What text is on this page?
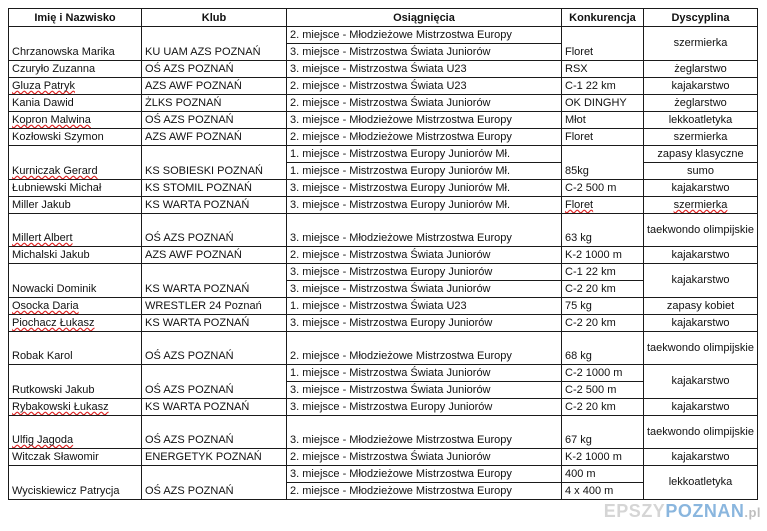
Imię i Nazwisko	Klub	Osiągnięcia	Konkurencja	Dyscyplina
Chrzanowska Marika	KU UAM AZS POZNAŃ	2. miejsce - Młodzieżowe Mistrzostwa Europy	Floret	szermierka
		3. miejsce - Mistrzostwa Świata Juniorów		
Czuryło Zuzanna	OŚ AZS POZNAŃ	3. miejsce - Mistrzostwa Świata U23	RSX	żeglarstwo
Gluza Patryk	AZS AWF POZNAŃ	2. miejsce - Mistrzostwa Świata U23	C-1 22 km	kajakarstwo
Kania Dawid	ŻLKS POZNAŃ	2. miejsce - Mistrzostwa Świata Juniorów	OK DINGHY	żeglarstwo
Kopron Malwina	OŚ AZS POZNAŃ	3. miejsce - Młodzieżowe Mistrzostwa Europy	Młot	lekkoatletyka
Kozłowski Szymon	AZS AWF POZNAŃ	2. miejsce - Młodzieżowe Mistrzostwa Europy	Floret	szermierka
Kurniczak Gerard	KS SOBIESKI POZNAŃ	1. miejsce - Mistrzostwa Europy Juniorów Mł.	85kg	zapasy klasyczne
		1. miejsce - Mistrzostwa Europy Juniorów Mł.		sumo
Łubniewski Michał	KS STOMIL POZNAŃ	3. miejsce - Mistrzostwa Europy Juniorów Mł.	C-2 500 m	kajakarstwo
Miller Jakub	KS WARTA POZNAŃ	3. miejsce - Mistrzostwa Europy Juniorów Mł.	Floret	szermierka
Millert Albert	OŚ AZS POZNAŃ	3. miejsce - Młodzieżowe Mistrzostwa Europy	63 kg	taekwondo olimpijskie
Michalski Jakub	AZS AWF POZNAŃ	2. miejsce - Mistrzostwa Świata Juniorów	K-2 1000 m	kajakarstwo
Nowacki Dominik	KS WARTA POZNAŃ	3. miejsce - Mistrzostwa Europy Juniorów	C-1 22 km	kajakarstwo
		3. miejsce - Mistrzostwa Świata Juniorów	C-2 20 km	
Osocka Daria	WRESTLER 24 Poznań	1. miejsce - Mistrzostwa Świata U23	75 kg	zapasy kobiet
Piochacz Łukasz	KS WARTA POZNAŃ	3. miejsce - Mistrzostwa Europy Juniorów	C-2 20 km	kajakarstwo
Robak Karol	OŚ AZS POZNAŃ	2. miejsce - Młodzieżowe Mistrzostwa Europy	68 kg	taekwondo olimpijskie
Rutkowski Jakub	OŚ AZS POZNAŃ	1. miejsce - Mistrzostwa Świata Juniorów	C-2 1000 m	kajakarstwo
		3. miejsce - Mistrzostwa Świata Juniorów	C-2 500 m	
Rybakowski Łukasz	KS WARTA POZNAŃ	3. miejsce - Mistrzostwa Europy Juniorów	C-2 20 km	kajakarstwo
Ulfig Jagoda	OŚ AZS POZNAŃ	3. miejsce - Młodzieżowe Mistrzostwa Europy	67 kg	taekwondo olimpijskie
Witczak Sławomir	ENERGETYK POZNAŃ	2. miejsce - Mistrzostwa Świata Juniorów	K-2 1000 m	kajakarstwo
Wyciskiewicz Patrycja	OŚ AZS POZNAŃ	3. miejsce - Młodzieżowe Mistrzostwa Europy	400 m	lekkoatletyka
		2. miejsce - Młodzieżowe Mistrzostwa Europy	4 x 400 m	
EPSZYPOZNAN.pl
